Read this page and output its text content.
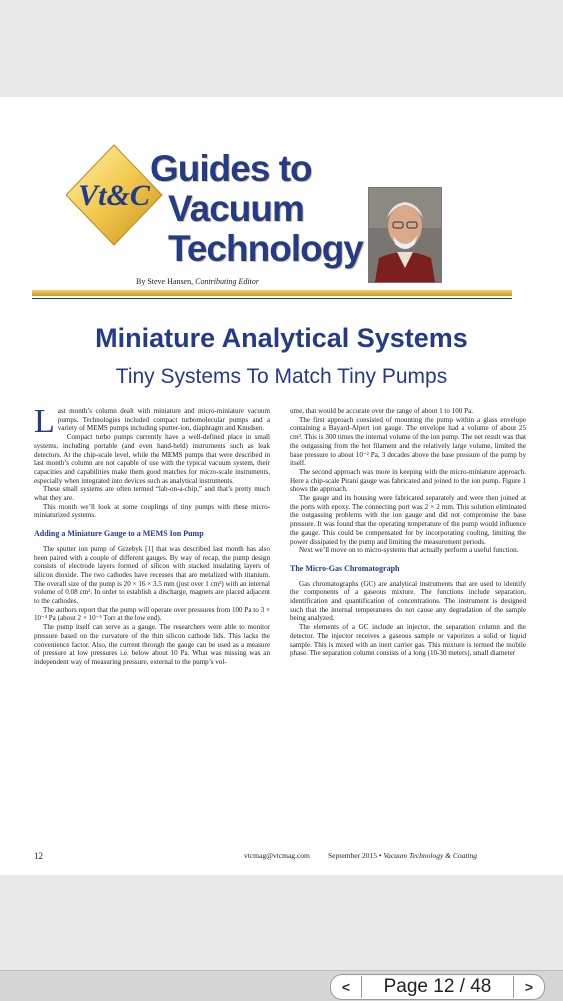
Vt&C
Guides to
Vacuum
Technology
By Steve Hansen, Contributing Editor
Miniature Analytical Systems
Tiny Systems To Match Tiny Pumps

Last month’s column dealt with miniature and micro-miniature vacuum pumps. Technologies included compact turbomolecular pumps and a variety of MEMS pumps including sputter-ion, diaphragm and Knudsen.

Compact turbo pumps currently have a well-defined place in small systems, including portable (and even hand-held) instruments such as leak detectors. At the chip-scale level, while the MEMS pumps that were described in last month’s column are not capable of use with the typical vacuum system, their capacities and capabilities make them good matches for micro-scale instruments, especially when integrated into devices such as analytical instruments.

These small systems are often termed “lab-on-a-chip,” and that’s pretty much what they are.

This month we’ll look at some couplings of tiny pumps with these micro-miniaturized systems.

Adding a Miniature Gauge to a MEMS Ion Pump

The sputter ion pump of Grzebyk [1] that was described last month has also been paired with a couple of different gauges. By way of recap, the pump design consists of electrode layers formed of silicon with stacked insulating layers of silicon dioxide. The two cathodes have recesses that are metalized with titanium. The overall size of the pump is 20 × 16 × 3.5 mm (just over 1 cm³) with an internal volume of 0.08 cm³. In order to establish a discharge, magnets are placed adjacent to the cathodes.

The authors report that the pump will operate over pressures from 100 Pa to 3 × 10⁻³ Pa (about 2 × 10⁻⁵ Torr at the low end).

The pump itself can serve as a gauge. The researchers were able to monitor pressure based on the curvature of the thin silicon cathode lids. This lacks the convenience factor. Also, the current through the gauge can be used as a measure of pressure at low pressures i.e. below about 10 Pa. What was missing was an independent way of measuring pressure, external to the pump’s vol-

ume, that would be accurate over the range of about 1 to 100 Pa.

The first approach consisted of mounting the pump within a glass envelope containing a Bayard-Alpert ion gauge. The envelope had a volume of about 25 cm³. This is 300 times the internal volume of the ion pump. The net result was that the outgassing from the hot filament and the relatively large volume, limited the base pressure to about 10⁻² Pa, 3 decades above the base pressure of the pump by itself.

The second approach was more in keeping with the micro-miniature approach. Here a chip-scale Pirani gauge was fabricated and joined to the ion pump. Figure 1 shows the approach.

The gauge and its housing were fabricated separately and were then joined at the ports with epoxy. The connecting port was 2 × 2 mm. This solution eliminated the outgassing problems with the ion gauge and did not compromise the base pressure. It was found that the operating temperature of the pump would influence the gauge. This could be compensated for by incorporating cooling, limiting the power dissipated by the pump and limiting the measurement periods.

Next we’ll move on to micro-systems that actually perform a useful function.

The Micro-Gas Chromatograph

Gas chromatographs (GC) are analytical instruments that are used to identify the components of a gaseous mixture. The functions include separation, identification and quantification of concentrations. The instrument is designed such that the internal temperatures do not cause any degradation of the sample being analyzed.

The elements of a GC include an injector, the separation column and the detector. The injector receives a gaseous sample or vaporizes a solid or liquid sample. This is mixed with an inert carrier gas. This mixture is termed the mobile phase. The separation column consists of a long (10-30 meters), small diameter

12	vtcmag@vtcmag.com September 2015 • Vacuum Technology & Coating
<	Page 12 / 48	>
